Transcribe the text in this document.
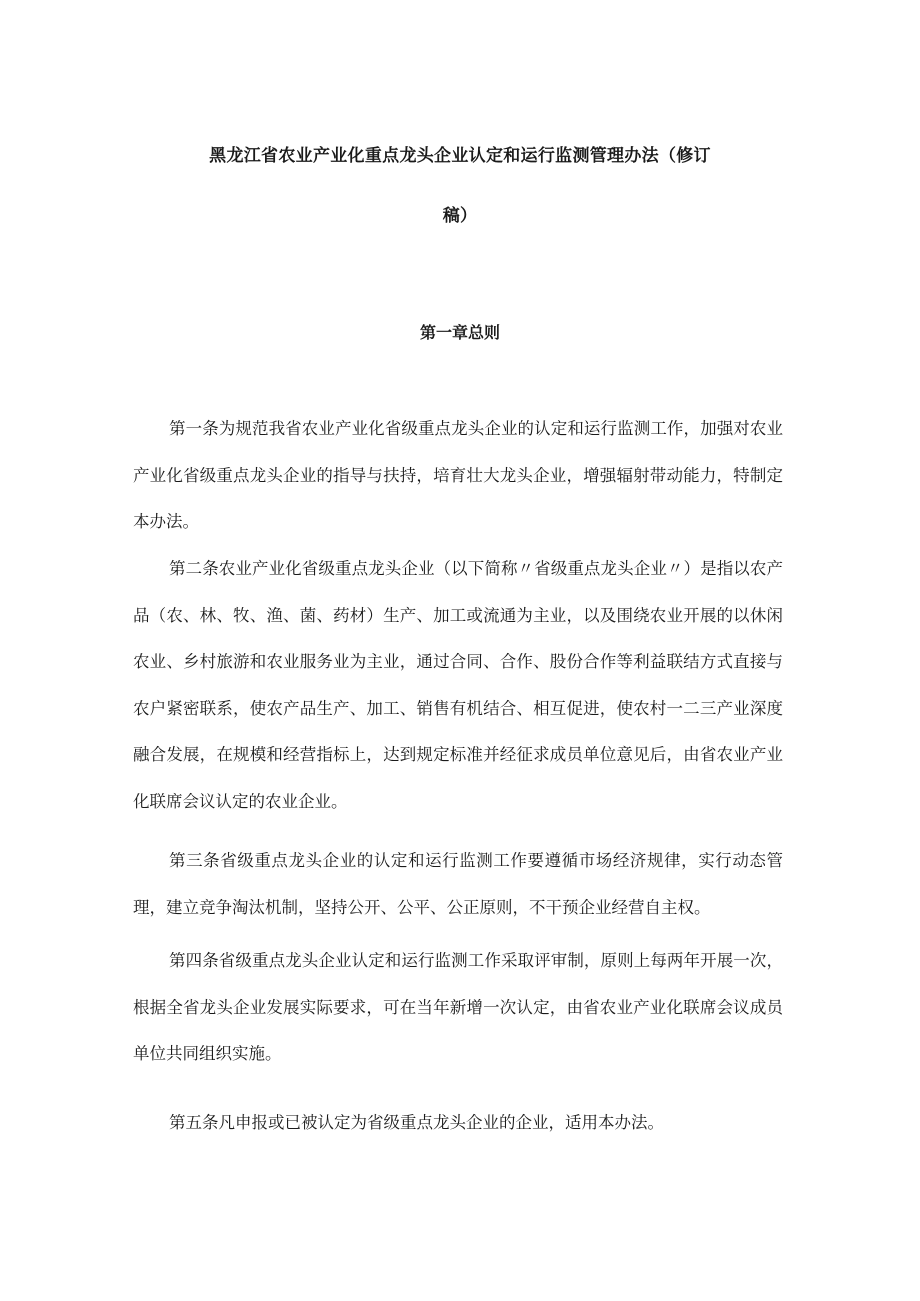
黑龙江省农业产业化重点龙头企业认定和运行监测管理办法（修订
稿）
第一章总则

第一条为规范我省农业产业化省级重点龙头企业的认定和运行监测工作，加强对农业产业化省级重点龙头企业的指导与扶持，培育壮大龙头企业，增强辐射带动能力，特制定本办法。

第二条农业产业化省级重点龙头企业（以下简称〃省级重点龙头企业〃）是指以农产品（农、林、牧、渔、菌、药材）生产、加工或流通为主业，以及围绕农业开展的以休闲农业、乡村旅游和农业服务业为主业，通过合同、合作、股份合作等利益联结方式直接与农户紧密联系，使农产品生产、加工、销售有机结合、相互促进，使农村一二三产业深度融合发展，在规模和经营指标上，达到规定标准并经征求成员单位意见后，由省农业产业化联席会议认定的农业企业。

第三条省级重点龙头企业的认定和运行监测工作要遵循市场经济规律，实行动态管理，建立竞争淘汰机制，坚持公开、公平、公正原则，不干预企业经营自主权。

第四条省级重点龙头企业认定和运行监测工作采取评审制，原则上每两年开展一次，根据全省龙头企业发展实际要求，可在当年新增一次认定，由省农业产业化联席会议成员单位共同组织实施。

第五条凡申报或已被认定为省级重点龙头企业的企业，适用本办法。
